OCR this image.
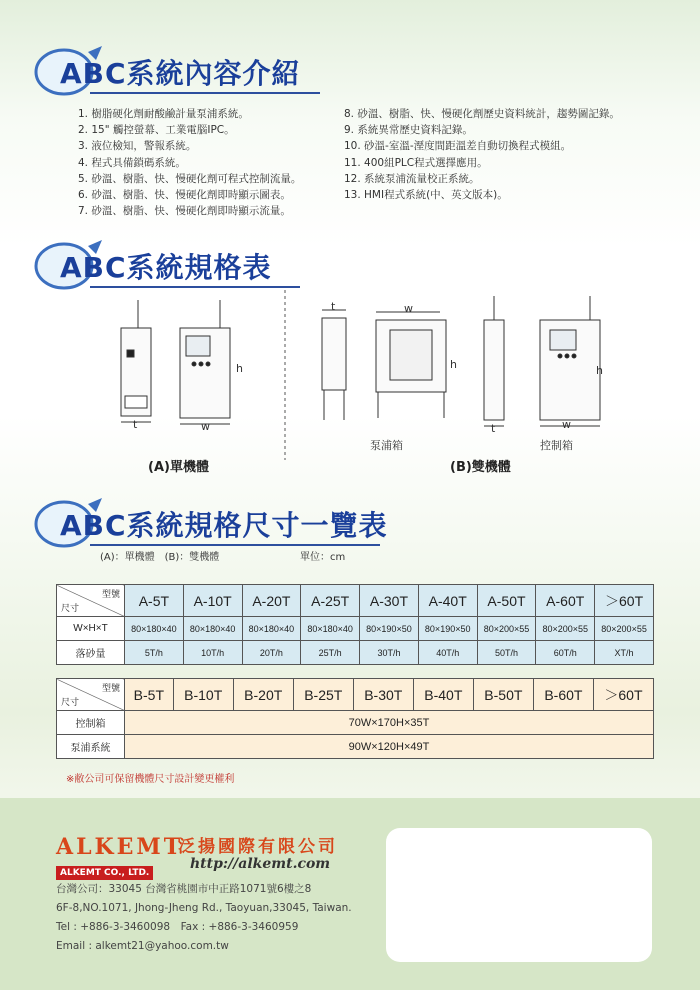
ABC系統內容介紹
1. 樹脂硬化劑耐酸鹼計量泵浦系統。
2. 15" 觸控螢幕、工業電腦IPC。
3. 液位檢知，警報系統。
4. 程式具備鎖碼系統。
5. 砂溫、樹脂、快、慢硬化劑可程式控制流量。
6. 砂溫、樹脂、快、慢硬化劑即時顯示圖表。
7. 砂溫、樹脂、快、慢硬化劑即時顯示流量。
8. 砂溫、樹脂、快、慢硬化劑歷史資料統計，趨勢圖記錄。
9. 系統異常歷史資料記錄。
10. 砂溫-室溫-溼度間距溫差自動切換程式模組。
11. 400組PLC程式選擇應用。
12. 系統泵浦流量校正系統。
13. HMI程式系統(中、英文版本)。
ABC系統規格表
t	w
h
t	w
h
t	w
h
泵浦箱	控制箱
(A)單機體	(B)雙機體
ABC系統規格尺寸一覽表
(A)：單機體　(B)：雙機體	單位：cm
型號
尺寸	A-5T	A-10T	A-20T	A-25T	A-30T	A-40T	A-50T	A-60T	＞60T
W×H×T	80×180×40	80×180×40	80×180×40	80×180×40	80×190×50	80×190×50	80×200×55	80×200×55	80×200×55
落砂量	5T/h	10T/h	20T/h	25T/h	30T/h	40T/h	50T/h	60T/h	XT/h
型號
尺寸	B-5T	B-10T	B-20T	B-25T	B-30T	B-40T	B-50T	B-60T	＞60T
控制箱	70W×170H×35T								
泵浦系統	90W×120H×49T								
※敝公司可保留機體尺寸設計變更權利
ALKEMT
ALKEMT CO., LTD.
泛揚國際有限公司
http://alkemt.com
台灣公司：33045 台灣省桃園市中正路1071號6樓之8
6F-8,NO.1071, Jhong-Jheng Rd., Taoyuan,33045, Taiwan.
Tel : +886-3-3460098　Fax : +886-3-3460959
Email : alkemt21@yahoo.com.tw
